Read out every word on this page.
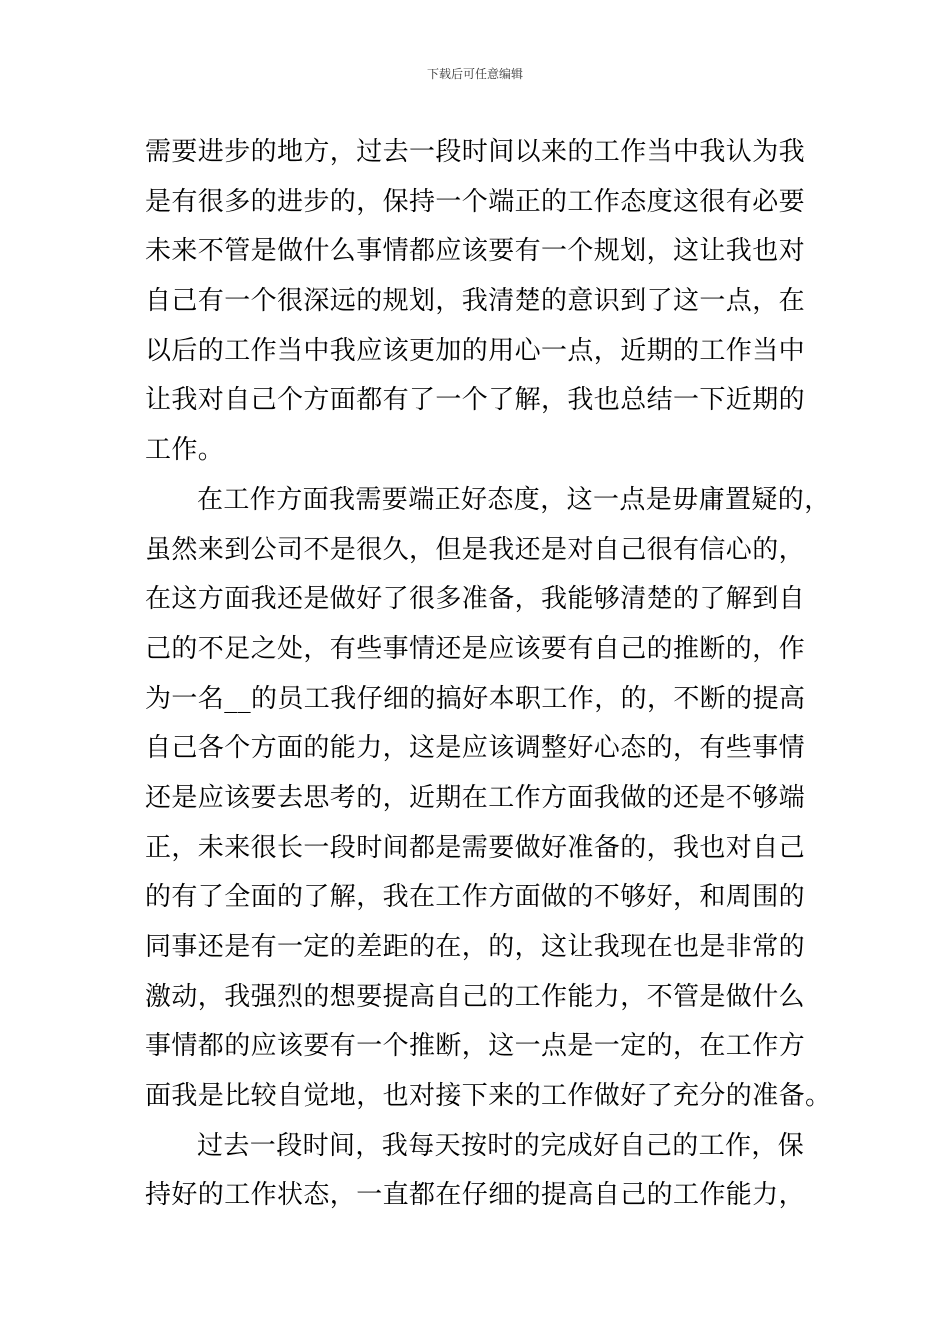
下载后可任意编辑
需要进步的地方，过去一段时间以来的工作当中我认为我
是有很多的进步的，保持一个端正的工作态度这很有必要
未来不管是做什么事情都应该要有一个规划，这让我也对
自己有一个很深远的规划，我清楚的意识到了这一点，在
以后的工作当中我应该更加的用心一点，近期的工作当中
让我对自己个方面都有了一个了解，我也总结一下近期的
工作。
在工作方面我需要端正好态度，这一点是毋庸置疑的，
虽然来到公司不是很久，但是我还是对自己很有信心的，
在这方面我还是做好了很多准备，我能够清楚的了解到自
己的不足之处，有些事情还是应该要有自己的推断的，作
为一名__的员工我仔细的搞好本职工作，的，不断的提高
自己各个方面的能力，这是应该调整好心态的，有些事情
还是应该要去思考的，近期在工作方面我做的还是不够端
正，未来很长一段时间都是需要做好准备的，我也对自己
的有了全面的了解，我在工作方面做的不够好，和周围的
同事还是有一定的差距的在，的，这让我现在也是非常的
激动，我强烈的想要提高自己的工作能力，不管是做什么
事情都的应该要有一个推断，这一点是一定的，在工作方
面我是比较自觉地，也对接下来的工作做好了充分的准备。
过去一段时间，我每天按时的完成好自己的工作，保
持好的工作状态，一直都在仔细的提高自己的工作能力，
